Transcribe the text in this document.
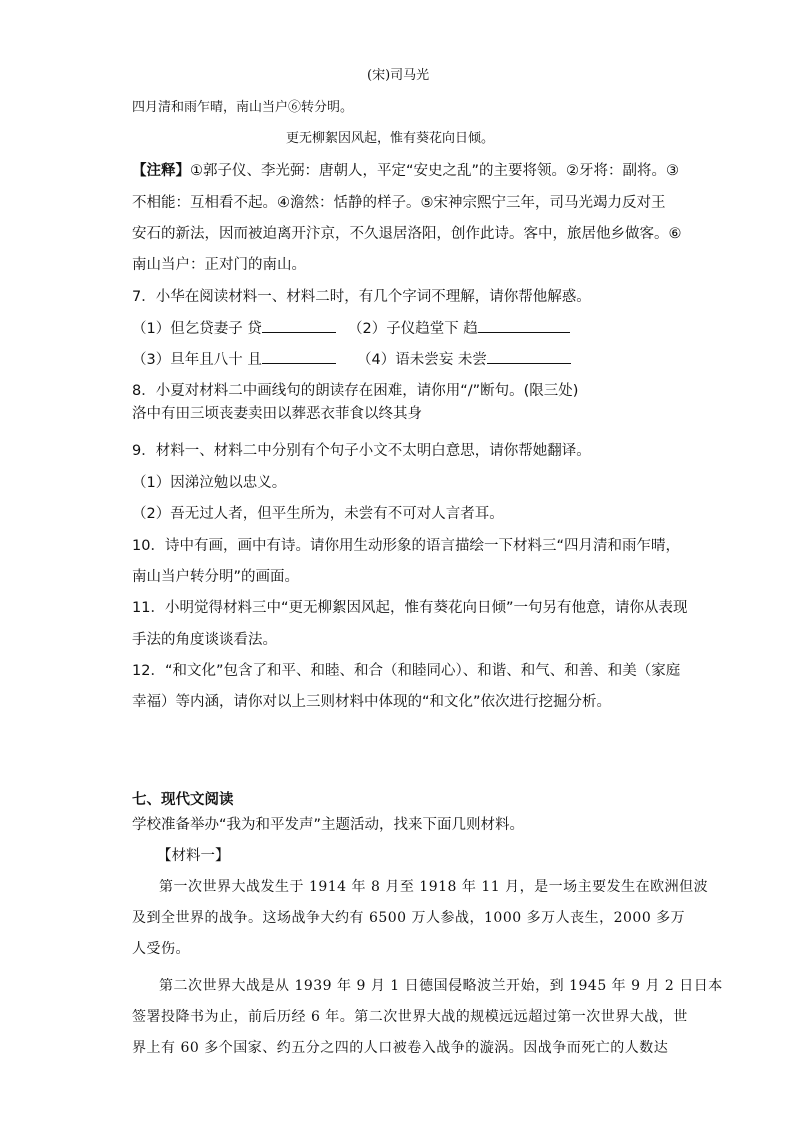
(宋)司马光
四月清和雨乍晴，南山当户⑥转分明。
更无柳絮因风起，惟有葵花向日倾。
【注释】①郭子仪、李光弼：唐朝人，平定“安史之乱”的主要将领。②牙将：副将。③
不相能：互相看不起。④澹然：恬静的样子。⑤宋神宗熙宁三年，司马光竭力反对王
安石的新法，因而被迫离开汴京，不久退居洛阳，创作此诗。客中，旅居他乡做客。⑥
南山当户：正对门的南山。
7．小华在阅读材料一、材料二时，有几个字词不理解，请你帮他解惑。
（1）但乞贷妻子 贷	（2）子仪趋堂下 趋
（3）旦年且八十 且	（4）语未尝妄 未尝
8．小夏对材料二中画线句的朗读存在困难，请你用“/”断句。(限三处)
洛中有田三顷丧妻卖田以葬恶衣菲食以终其身
9．材料一、材料二中分别有个句子小文不太明白意思，请你帮她翻译。
（1）因涕泣勉以忠义。
（2）吾无过人者，但平生所为，未尝有不可对人言者耳。
10．诗中有画，画中有诗。请你用生动形象的语言描绘一下材料三“四月清和雨乍晴，
南山当户转分明”的画面。
11．小明觉得材料三中“更无柳絮因风起，惟有葵花向日倾”一句另有他意，请你从表现
手法的角度谈谈看法。
12．“和文化”包含了和平、和睦、和合（和睦同心）、和谐、和气、和善、和美（家庭
幸福）等内涵，请你对以上三则材料中体现的“和文化”依次进行挖掘分析。
七、现代文阅读
学校准备举办“我为和平发声”主题活动，找来下面几则材料。
【材料一】
第一次世界大战发生于 1914 年 8 月至 1918 年 11 月，是一场主要发生在欧洲但波
及到全世界的战争。这场战争大约有 6500 万人参战，1000 多万人丧生，2000 多万
人受伤。
第二次世界大战是从 1939 年 9 月 1 日德国侵略波兰开始，到 1945 年 9 月 2 日日本
签署投降书为止，前后历经 6 年。第二次世界大战的规模远远超过第一次世界大战，世
界上有 60 多个国家、约五分之四的人口被卷入战争的漩涡。因战争而死亡的人数达
